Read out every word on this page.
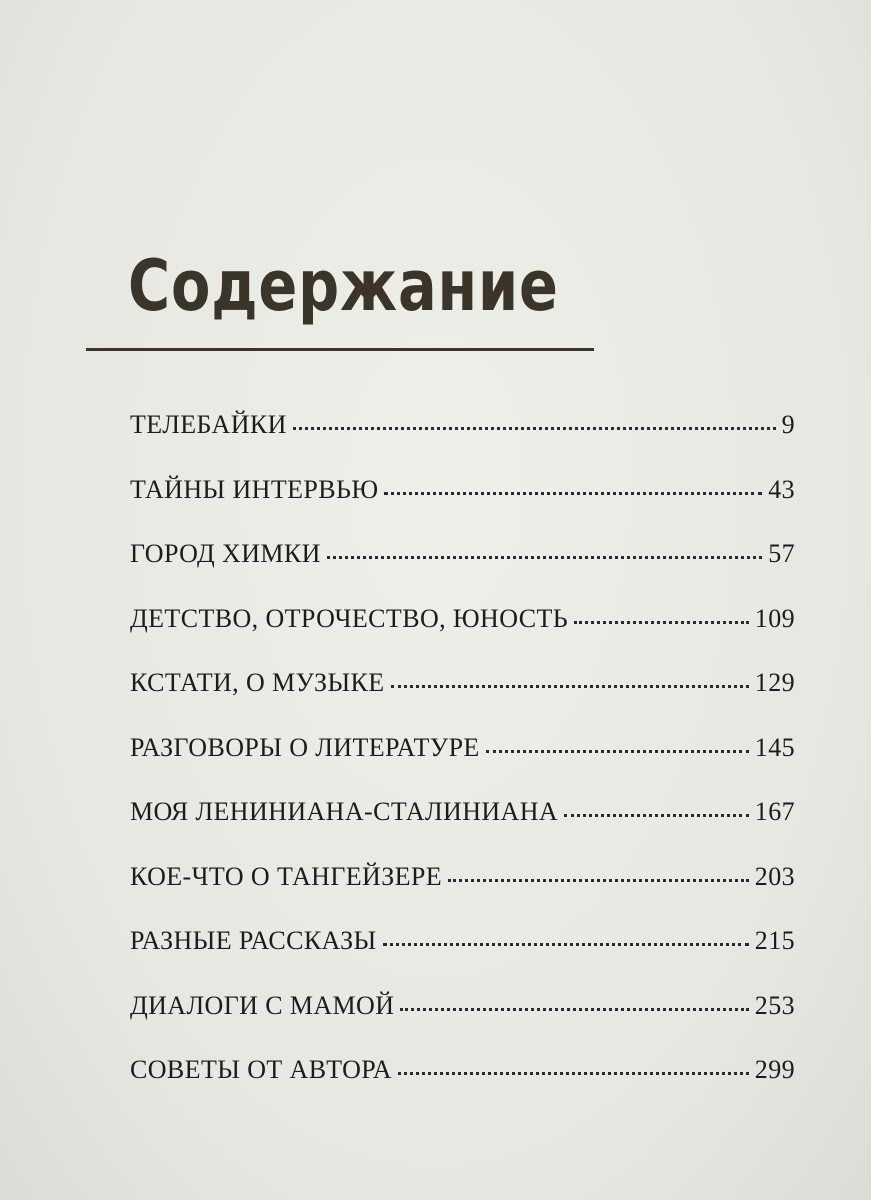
Содержание
ТЕЛЕБАЙКИ	9
ТАЙНЫ ИНТЕРВЬЮ	43
ГОРОД ХИМКИ	57
ДЕТСТВО, ОТРОЧЕСТВО, ЮНОСТЬ	109
КСТАТИ, О МУЗЫКЕ	129
РАЗГОВОРЫ О ЛИТЕРАТУРЕ	145
МОЯ ЛЕНИНИАНА-СТАЛИНИАНА	167
КОЕ-ЧТО О ТАНГЕЙЗЕРЕ	203
РАЗНЫЕ РАССКАЗЫ	215
ДИАЛОГИ С МАМОЙ	253
СОВЕТЫ ОТ АВТОРА	299
